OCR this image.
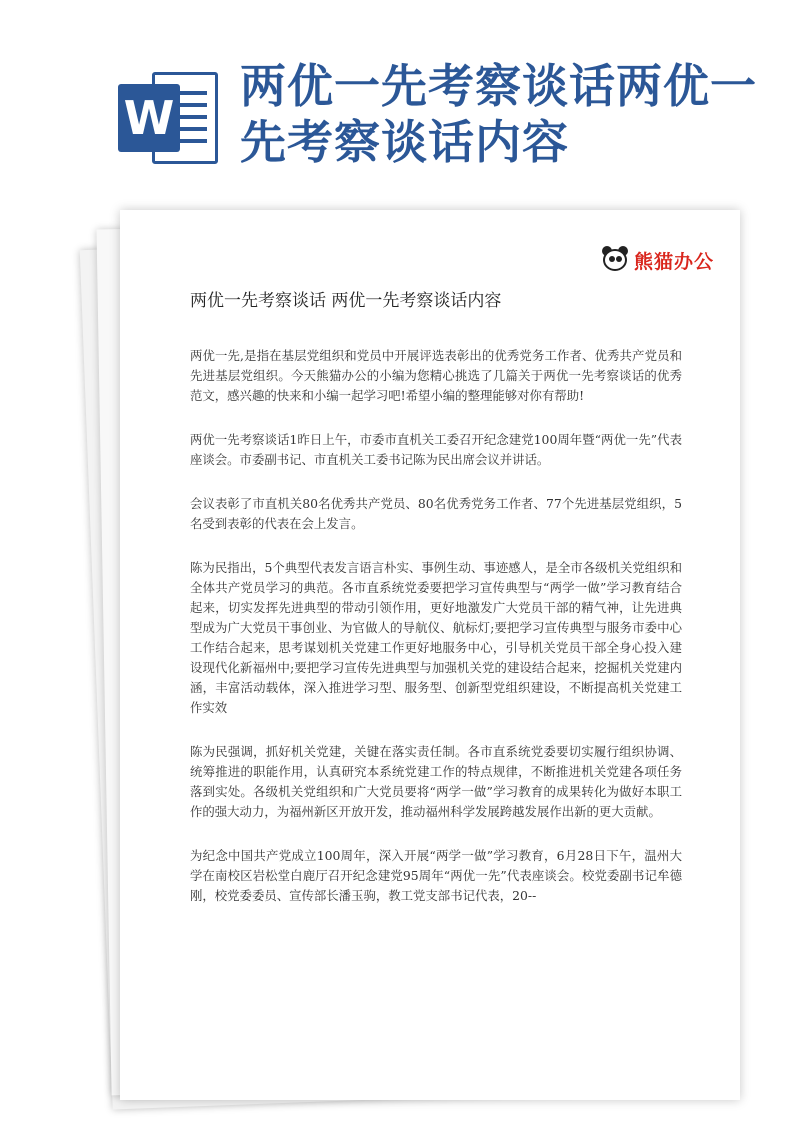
W
两优一先考察谈话两优一先考察谈话内容
熊猫办公
两优一先考察谈话 两优一先考察谈话内容

两优一先,是指在基层党组织和党员中开展评选表彰出的优秀党务工作者、优秀共产党员和先进基层党组织。今天熊猫办公的小编为您精心挑选了几篇关于两优一先考察谈话的优秀范文，感兴趣的快来和小编一起学习吧!希望小编的整理能够对你有帮助!

两优一先考察谈话1昨日上午，市委市直机关工委召开纪念建党100周年暨“两优一先”代表座谈会。市委副书记、市直机关工委书记陈为民出席会议并讲话。

会议表彰了市直机关80名优秀共产党员、80名优秀党务工作者、77个先进基层党组织，5名受到表彰的代表在会上发言。

陈为民指出，5个典型代表发言语言朴实、事例生动、事迹感人，是全市各级机关党组织和全体共产党员学习的典范。各市直系统党委要把学习宣传典型与“两学一做”学习教育结合起来，切实发挥先进典型的带动引领作用，更好地激发广大党员干部的精气神，让先进典型成为广大党员干事创业、为官做人的导航仪、航标灯;要把学习宣传典型与服务市委中心工作结合起来，思考谋划机关党建工作更好地服务中心，引导机关党员干部全身心投入建设现代化新福州中;要把学习宣传先进典型与加强机关党的建设结合起来，挖掘机关党建内涵，丰富活动载体，深入推进学习型、服务型、创新型党组织建设，不断提高机关党建工作实效

陈为民强调，抓好机关党建，关键在落实责任制。各市直系统党委要切实履行组织协调、统筹推进的职能作用，认真研究本系统党建工作的特点规律，不断推进机关党建各项任务落到实处。各级机关党组织和广大党员要将“两学一做”学习教育的成果转化为做好本职工作的强大动力，为福州新区开放开发，推动福州科学发展跨越发展作出新的更大贡献。

为纪念中国共产党成立100周年，深入开展“两学一做”学习教育，6月28日下午，温州大学在南校区岩松堂白鹿厅召开纪念建党95周年“两优一先”代表座谈会。校党委副书记牟德刚，校党委委员、宣传部长潘玉驹，教工党支部书记代表，20--
